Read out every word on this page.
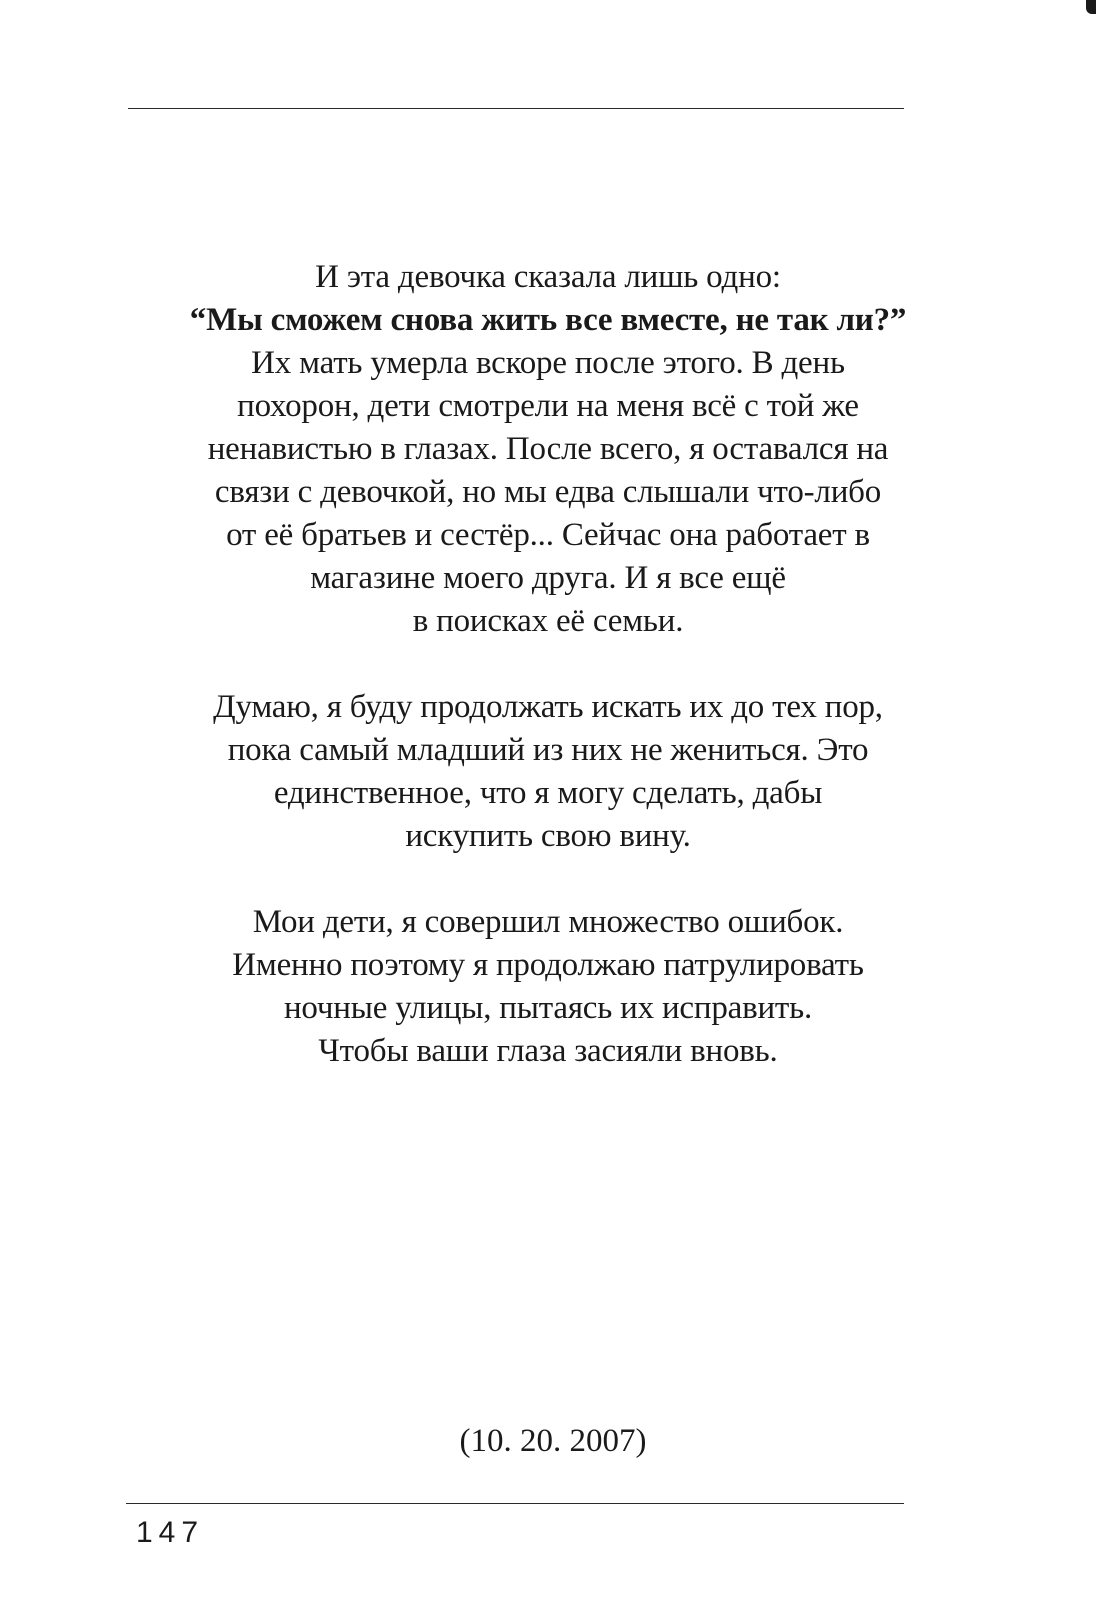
И эта девочка сказала лишь одно:
“Мы сможем снова жить все вместе, не так ли?”
Их мать умерла вскоре после этого. В день
похорон, дети смотрели на меня всё с той же
ненавистью в глазах. После всего, я оставался на
связи с девочкой, но мы едва слышали что-либо
от её братьев и сестёр... Сейчас она работает в
магазине моего друга. И я все ещё
в поисках её семьи.
Думаю, я буду продолжать искать их до тех пор,
пока самый младший из них не жениться. Это
единственное, что я могу сделать, дабы
искупить свою вину.
Мои дети, я совершил множество ошибок.
Именно поэтому я продолжаю патрулировать
ночные улицы, пытаясь их исправить.
Чтобы ваши глаза засияли вновь.
(10. 20. 2007)
147
